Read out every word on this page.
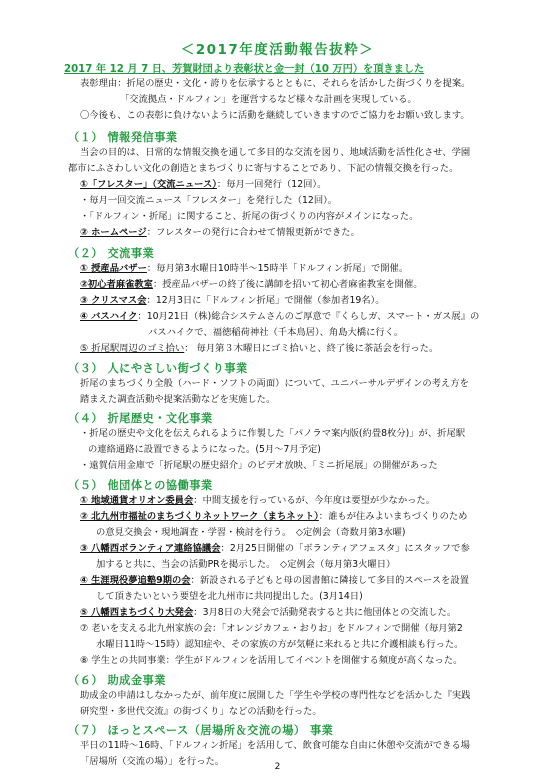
＜2017年度活動報告抜粋＞
2017 年 12 月 7 日、芳賀財団より表彰状と金一封（10 万円）を頂きました
表彰理由：折尾の歴史・文化・誇りを伝承するとともに、それらを活かした街づくりを提案。
「交流拠点・ドルフィン」を運営するなど様々な計画を実現している。
〇今後も、この表彰に負けないように活動を継続していきますのでご協力をお願い致します。
（１） 情報発信事業
当会の目的は、日常的な情報交換を通して多目的な交流を図り、地域活動を活性化させ、学園
都市にふさわしい文化の創造とまちづくりに寄与することであり、下記の情報交換を行った。
①「フレスター」（交流ニュース）：毎月一回発行（12回）。
・毎月一回交流ニュース「フレスター」を発行した（12回）。
・「ドルフィン・折尾」に関すること、折尾の街づくりの内容がメインになった。
② ホームページ：フレスターの発行に合わせて情報更新ができた。
（２） 交流事業
① 授産品バザー：毎月第3水曜日10時半〜15時半「ドルフィン折尾」で開催。
②初心者麻雀教室：授産品バザーの終了後に講師を招いて初心者麻雀教室を開催。
③ クリスマス会：12月3日に「ドルフィン折尾」で開催（参加者19名）。
④ バスハイク：10月21日（株)総合システムさんのご厚意で『くらしガ、スマート・ガス展』の
バスハイクで、福徳稲荷神社（千本鳥居）、角島大橋に行く。
⑤ 折尾駅周辺のゴミ拾い： 毎月第３木曜日にゴミ拾いと、終了後に茶話会を行った。
（３） 人にやさしい街づくり事業
折尾のまちづくり全般（ハード・ソフトの両面）について、ユニバーサルデザインの考え方を
踏まえた調査活動や提案活動などを実施した。
（４） 折尾歴史・文化事業
・折尾の歴史や文化を伝えられるように作製した「パノラマ案内版(約畳8枚分)」が、折尾駅
の連絡通路に設置できるようになった。(5月〜7月予定)
・遠賀信用金庫で「折尾駅の歴史紹介」のビデオ放映、「ミニ折尾展」の開催があった
（５） 他団体との協働事業
① 地域通貨オリオン委員会：中間支援を行っているが、今年度は要望が少なかった。
② 北九州市福祉のまちづくりネットワーク（まちネット）：誰もが住みよいまちづくりのため
の意見交換会・現地調査・学習・検討を行う。　◇定例会（奇数月第3水曜)
③ 八幡西ボランティア連絡協議会：2月25日開催の「ボランティアフェスタ」にスタッフで参
加すると共に、当会の活動PRを掲示した。　◇定例会（毎月第3火曜日）
④ 生涯現役夢追塾9期の会：新設される子どもと母の図書館に隣接して多目的スペースを設置
して頂きたいという要望を北九州市に共同提出した。(3月14日)
⑤ 八幡西まちづくり大発会：3月8日の大発会で活動発表すると共に他団体との交流した。
⑦ 老いを支える北九州家族の会：「オレンジカフェ・おりお」をドルフィンで開催（毎月第2
水曜日11時〜15時）認知症や、その家族の方が気軽に来れると共に介護相談も行った。
⑧ 学生との共同事業：学生がドルフィンを活用してイベントを開催する頻度が高くなった。
（６） 助成金事業
助成金の申請はしなかったが、前年度に展開した「学生や学校の専門性などを活かした『実践
研究型・多世代交流』の街づくり」などの活動を行った。
（７） ほっとスペース（居場所＆交流の場） 事業
平日の11時〜16時、「ドルフィン折尾」を活用して、飲食可能な自由に休憩や交流ができる場
「居場所（交流の場）」を行った。	2
